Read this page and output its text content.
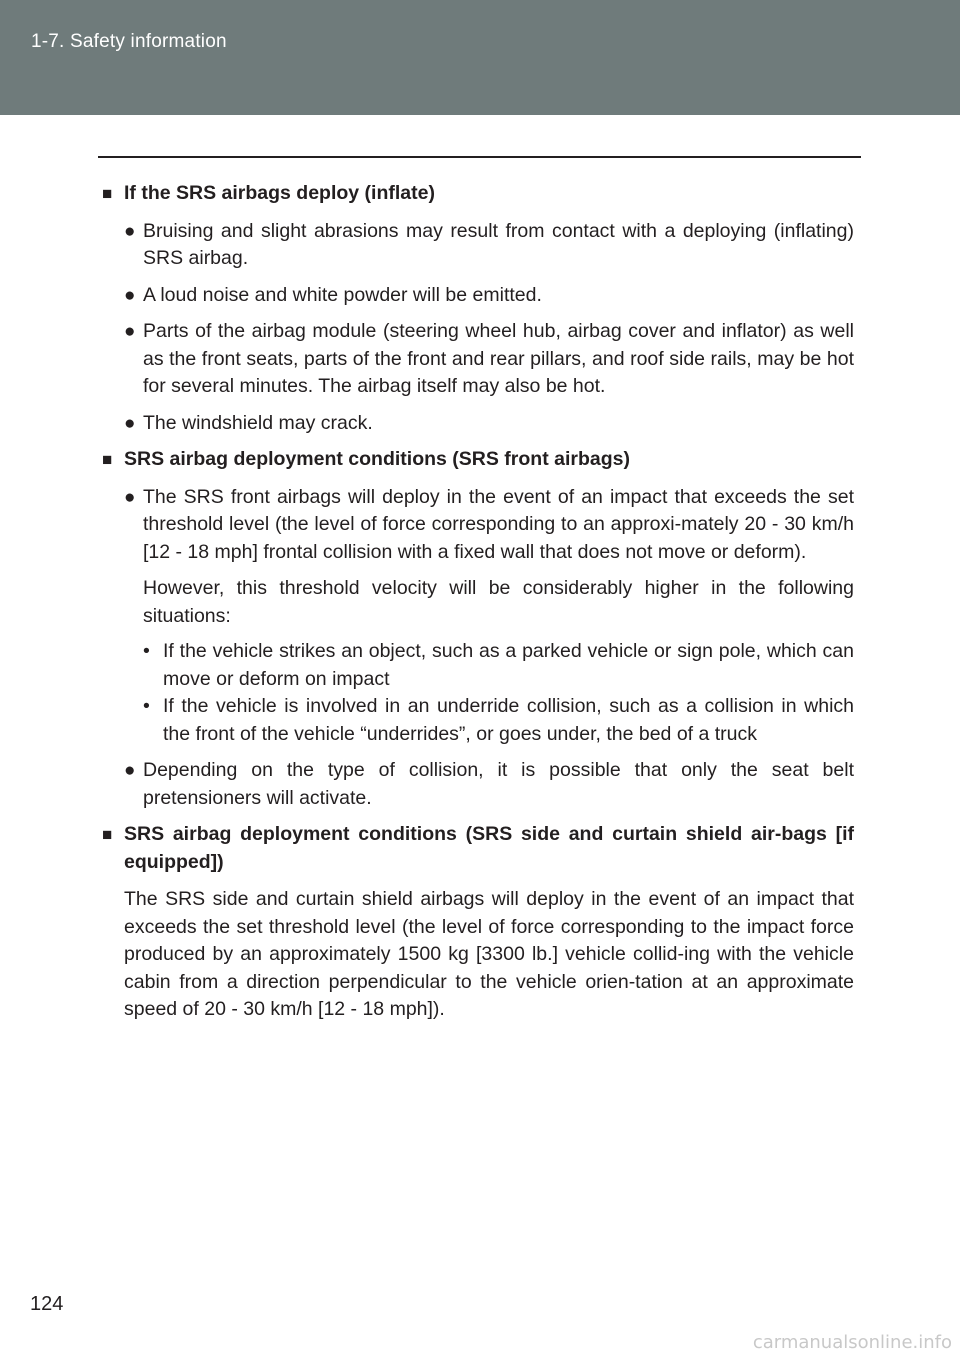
1-7. Safety information
■ If the SRS airbags deploy (inflate)
● Bruising and slight abrasions may result from contact with a deploying (inflating) SRS airbag.
● A loud noise and white powder will be emitted.
● Parts of the airbag module (steering wheel hub, airbag cover and inflator) as well as the front seats, parts of the front and rear pillars, and roof side rails, may be hot for several minutes. The airbag itself may also be hot.
● The windshield may crack.
■ SRS airbag deployment conditions (SRS front airbags)
● The SRS front airbags will deploy in the event of an impact that exceeds the set threshold level (the level of force corresponding to an approxi-mately 20 - 30 km/h [12 - 18 mph] frontal collision with a fixed wall that does not move or deform).
However, this threshold velocity will be considerably higher in the following situations:
• If the vehicle strikes an object, such as a parked vehicle or sign pole, which can move or deform on impact
• If the vehicle is involved in an underride collision, such as a collision in which the front of the vehicle “underrides”, or goes under, the bed of a truck
● Depending on the type of collision, it is possible that only the seat belt pretensioners will activate.
■ SRS airbag deployment conditions (SRS side and curtain shield air-bags [if equipped])
The SRS side and curtain shield airbags will deploy in the event of an impact that exceeds the set threshold level (the level of force corresponding to the impact force produced by an approximately 1500 kg [3300 lb.] vehicle collid-ing with the vehicle cabin from a direction perpendicular to the vehicle orien-tation at an approximate speed of 20 - 30 km/h [12 - 18 mph]).
124
carmanualsonline.info
